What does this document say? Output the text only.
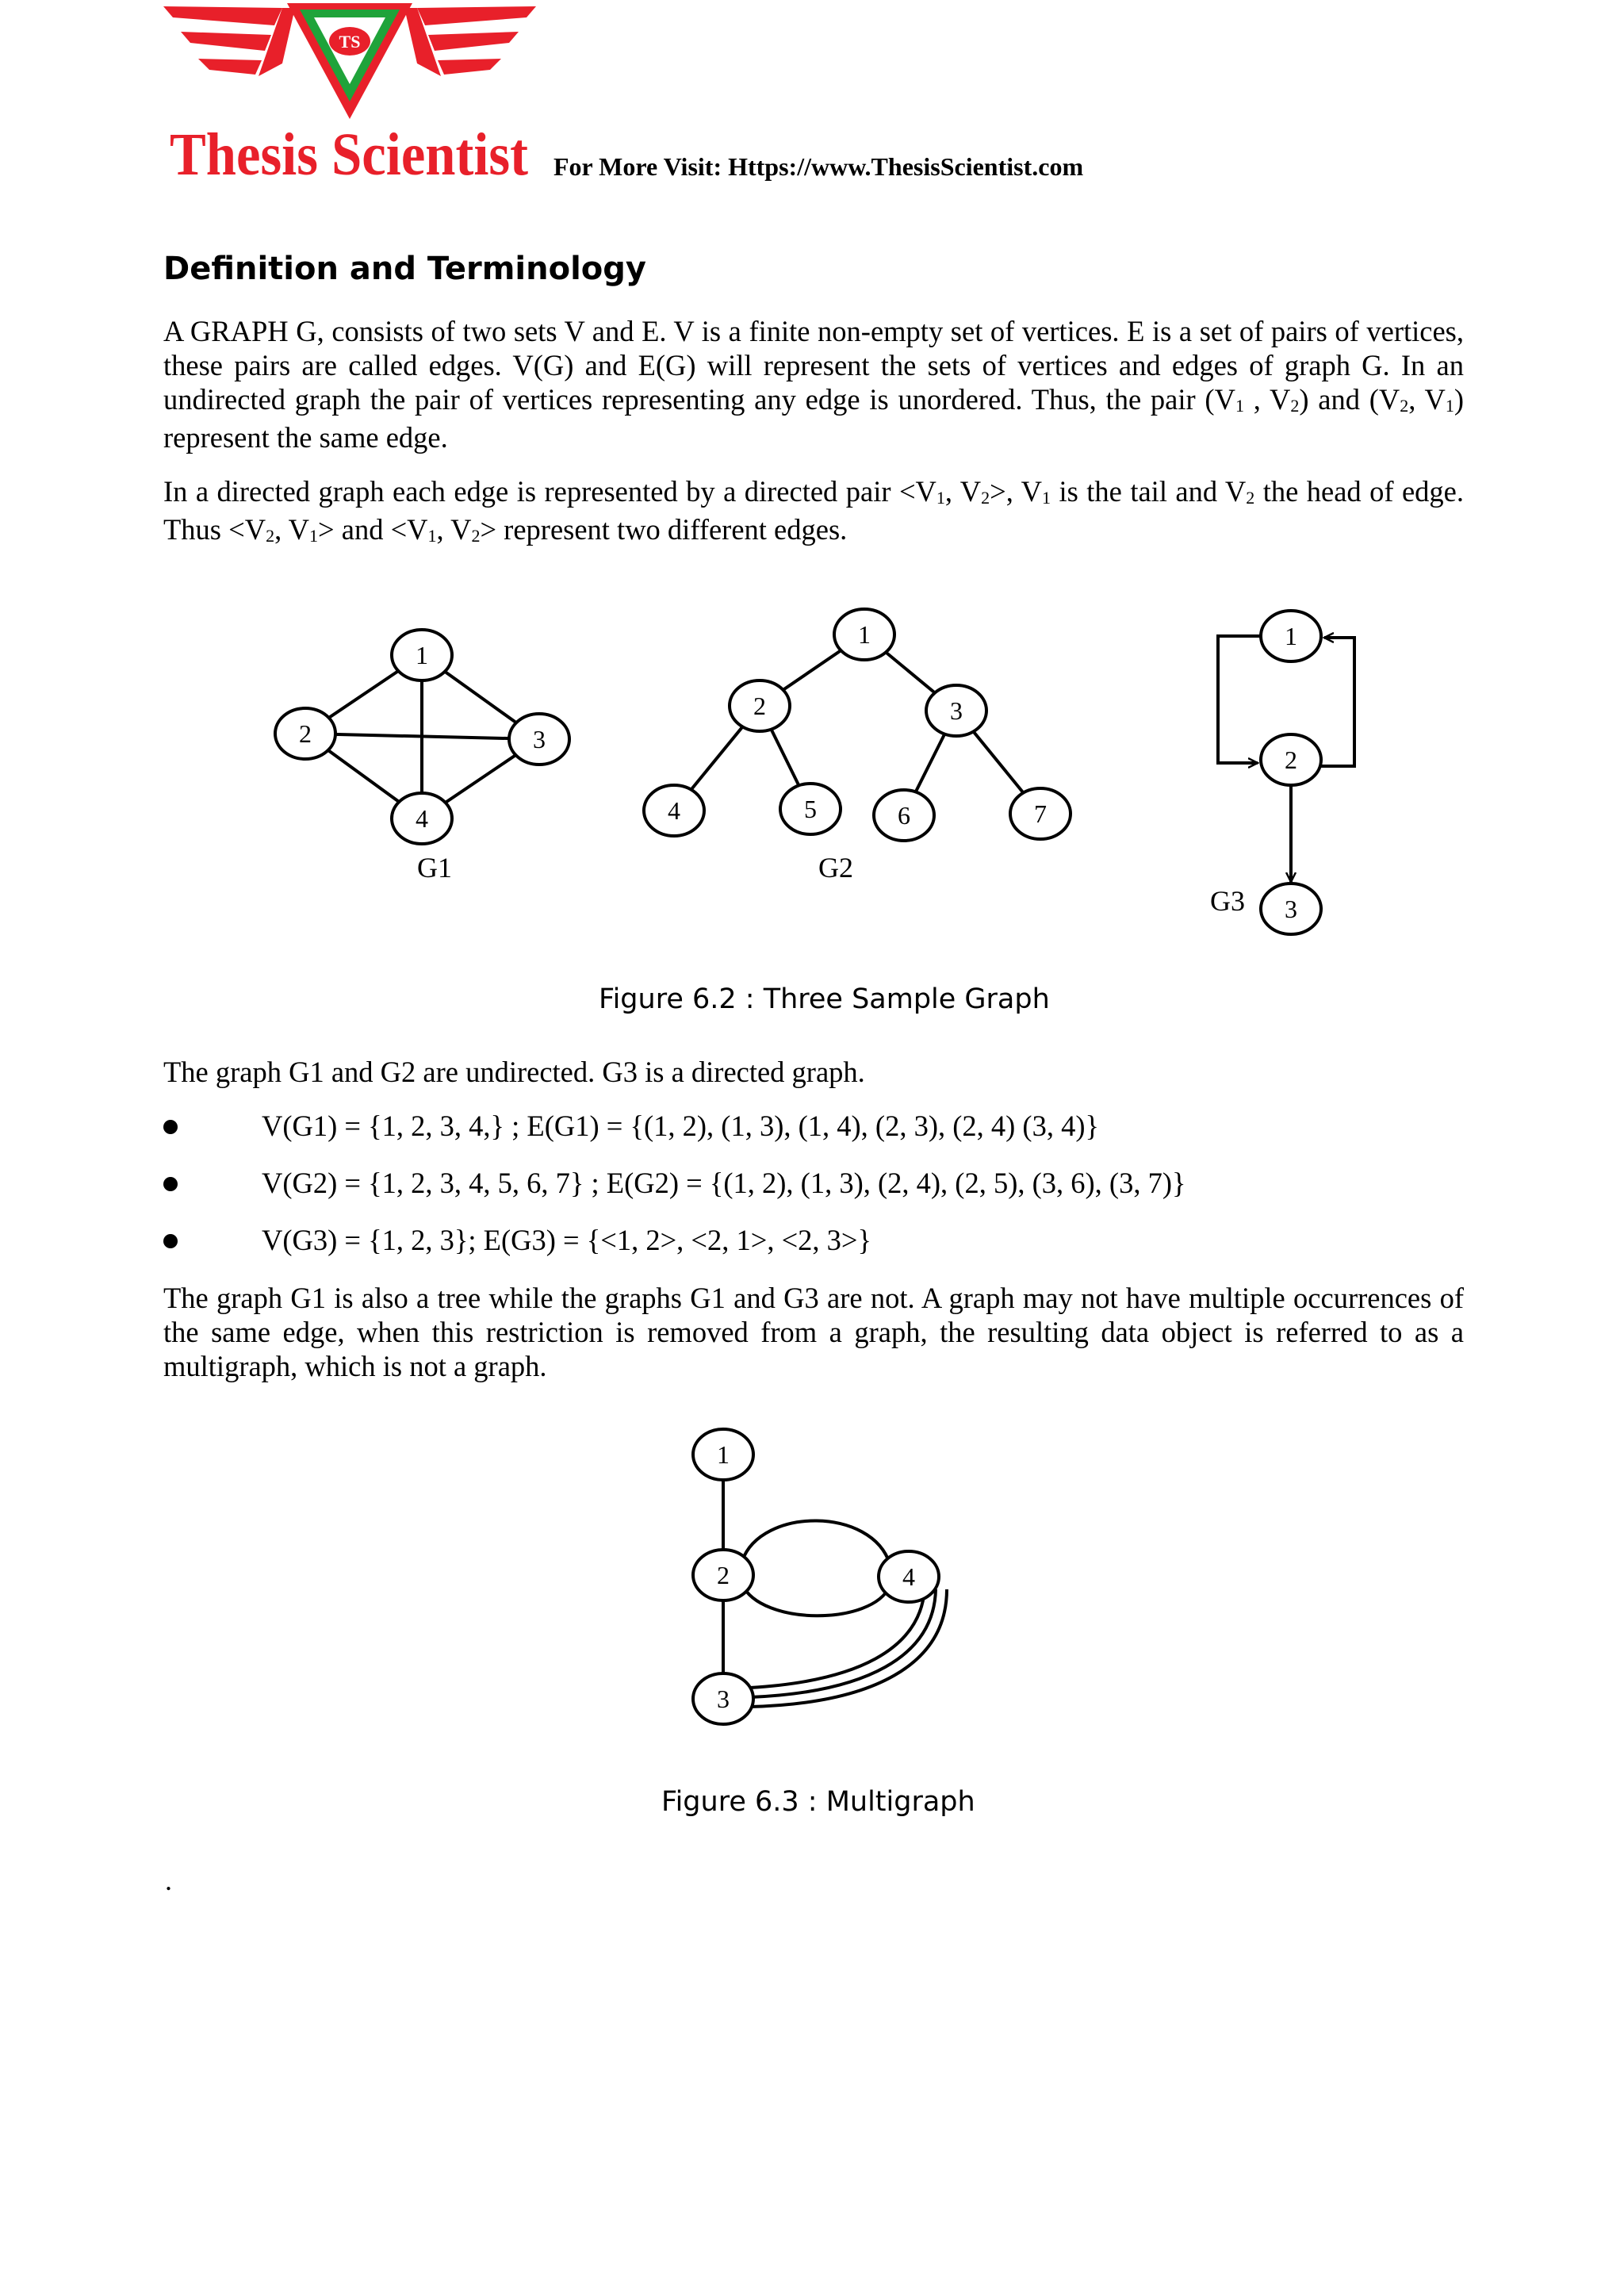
TS
Thesis Scientist For More Visit: Https://www.ThesisScientist.com
Definition and Terminology

A GRAPH G, consists of two sets V and E. V is a finite non-empty set of vertices. E is a set of pairs of vertices, these pairs are called edges. V(G) and E(G) will represent the sets of vertices and edges of graph G. In an undirected graph the pair of vertices representing any edge is unordered. Thus, the pair ($V_1$ , $V_2$) and ($V_2$, $V_1$) represent the same edge.

In a directed graph each edge is represented by a directed pair $<V_1$, $V_2>$, $V_1$ is the tail and $V_2$ the head of edge. Thus $<V_2$, $V_1>$ and $<V_1$, $V_2>$ represent two different edges.

1
2	3
4
G1
1
2	3
4	5	6	7
G2
1
2
3
G3
Figure 6.2 : Three Sample Graph

The graph G1 and G2 are undirected. G3 is a directed graph.

V(G1) = {1, 2, 3, 4,} ; E(G1) = {(1, 2), (1, 3), (1, 4), (2, 3), (2, 4) (3, 4)}
V(G2) = {1, 2, 3, 4, 5, 6, 7} ; E(G2) = {(1, 2), (1, 3), (2, 4), (2, 5), (3, 6), (3, 7)}
V(G3) = {1, 2, 3}; E(G3) = {<1, 2>, <2, 1>, <2, 3>}

The graph G1 is also a tree while the graphs G1 and G3 are not. A graph may not have multiple occurrences of the same edge, when this restriction is removed from a graph, the resulting data object is referred to as a multigraph, which is not a graph.

1
2
3
4
Figure 6.3 : Multigraph
.
